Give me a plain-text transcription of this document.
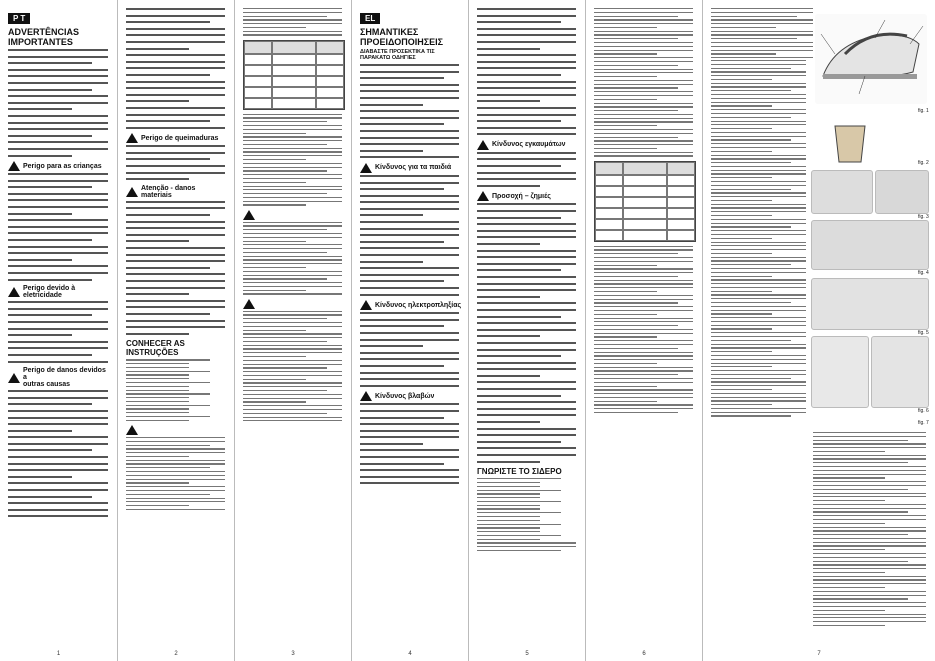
P T
ADVERTÊNCIAS IMPORTANTES
Perigo para as crianças
Perigo devido à eletricidade
Perigo de danos devidos a
outras causas
1
Perigo de queimaduras
Atenção - danos materiais
CONHECER AS INSTRUÇÕES
2	3
EL
ΣΗΜΑΝΤΙΚΕΣ ΠΡΟΕΙΔΟΠΟΙΗΣΕΙΣ
ΔΙΑΒΑΣΤΕ ΠΡΟΣΕΚΤΙΚΑ ΤΙΣ ΠΑΡΑΚΑΤΩ ΟΔΗΓΙΕΣ
Κίνδυνος για τα παιδιά
Κίνδυνος ηλεκτροπληξίας
Κίνδυνος βλαβών
4
Κίνδυνος εγκαυμάτων
Προσοχή – ζημιές
ΓΝΩΡΙΣΤΕ ΤΟ ΣΙΔΕΡΟ
5	6
fig. 1
fig. 2
fig. 3
fig. 4
fig. 5
fig. 6
fig. 7
7
